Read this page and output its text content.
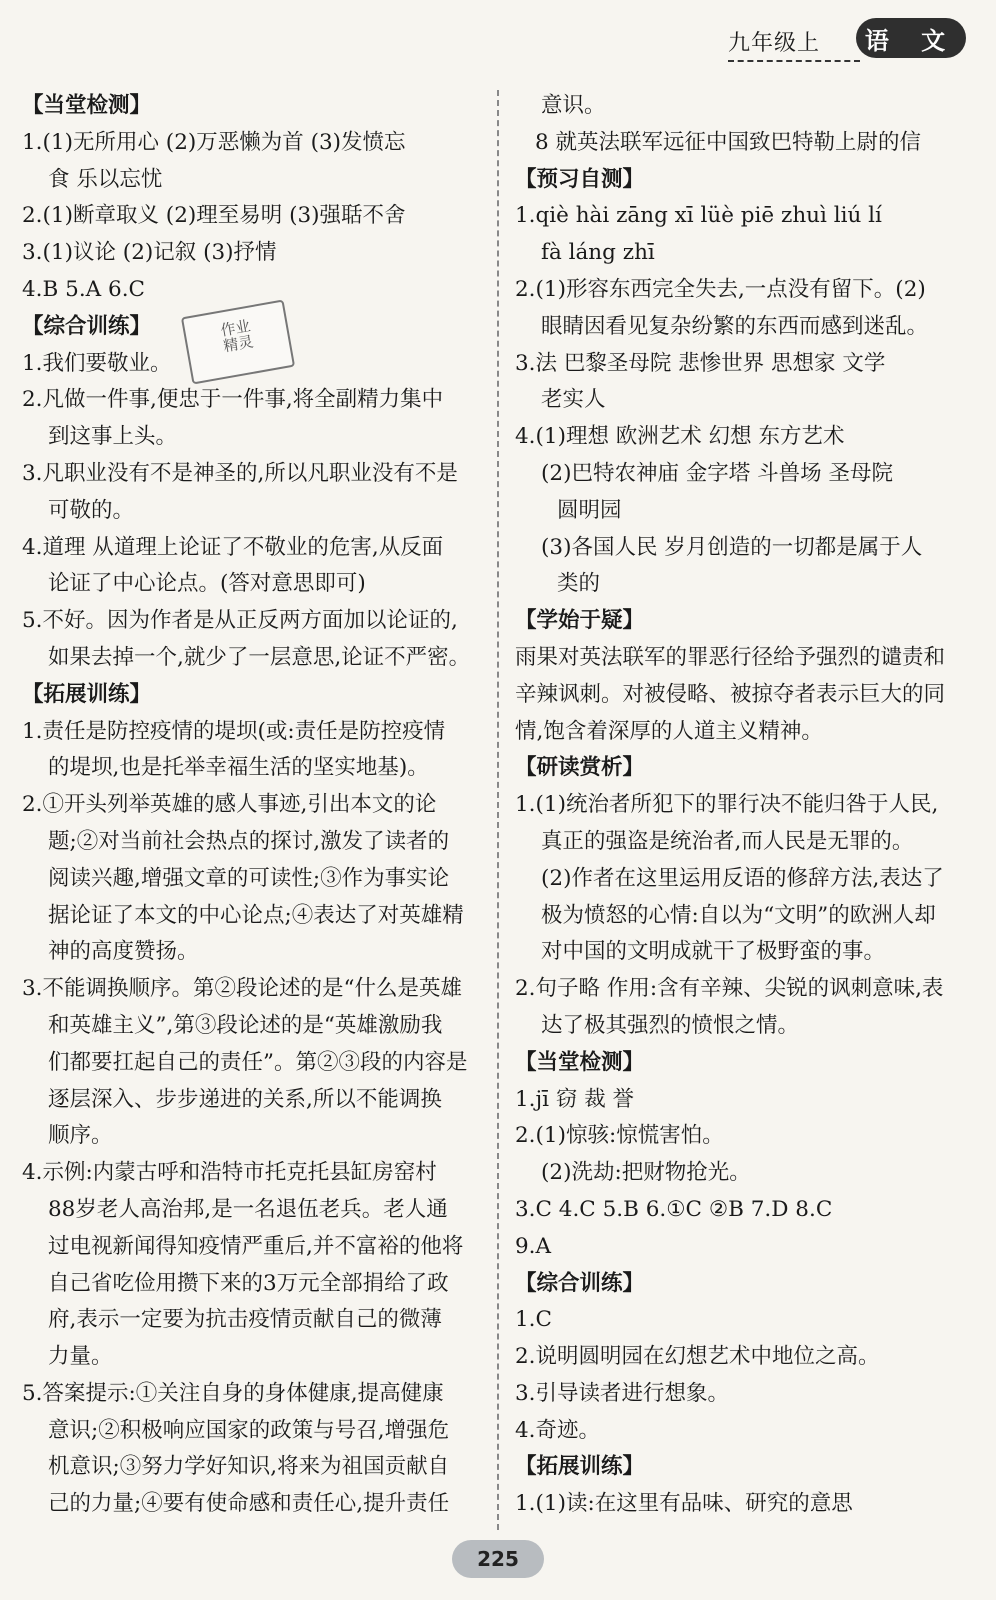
九年级上	语 文
【当堂检测】
1.(1)无所用心 (2)万恶懒为首 (3)发愤忘
食 乐以忘忧
2.(1)断章取义 (2)理至易明 (3)强聒不舍
3.(1)议论 (2)记叙 (3)抒情
4.B 5.A 6.C
【综合训练】
1.我们要敬业。
2.凡做一件事,便忠于一件事,将全副精力集中
到这事上头。
3.凡职业没有不是神圣的,所以凡职业没有不是
可敬的。
4.道理 从道理上论证了不敬业的危害,从反面
论证了中心论点。(答对意思即可)
5.不好。因为作者是从正反两方面加以论证的,
如果去掉一个,就少了一层意思,论证不严密。
【拓展训练】
1.责任是防控疫情的堤坝(或:责任是防控疫情
的堤坝,也是托举幸福生活的坚实地基)。
2.①开头列举英雄的感人事迹,引出本文的论
题;②对当前社会热点的探讨,激发了读者的
阅读兴趣,增强文章的可读性;③作为事实论
据论证了本文的中心论点;④表达了对英雄精
神的高度赞扬。
3.不能调换顺序。第②段论述的是“什么是英雄
和英雄主义”,第③段论述的是“英雄激励我
们都要扛起自己的责任”。第②③段的内容是
逐层深入、步步递进的关系,所以不能调换
顺序。
4.示例:内蒙古呼和浩特市托克托县缸房窑村
88岁老人高治邦,是一名退伍老兵。老人通
过电视新闻得知疫情严重后,并不富裕的他将
自己省吃俭用攒下来的3万元全部捐给了政
府,表示一定要为抗击疫情贡献自己的微薄
力量。
5.答案提示:①关注自身的身体健康,提高健康
意识;②积极响应国家的政策与号召,增强危
机意识;③努力学好知识,将来为祖国贡献自
己的力量;④要有使命感和责任心,提升责任
意识。
8 就英法联军远征中国致巴特勒上尉的信
【预习自测】
1.qiè hài zāng xī lüè piē zhuì liú lí
fà láng zhī
2.(1)形容东西完全失去,一点没有留下。(2)
眼睛因看见复杂纷繁的东西而感到迷乱。
3.法 巴黎圣母院 悲惨世界 思想家 文学
老实人
4.(1)理想 欧洲艺术 幻想 东方艺术
(2)巴特农神庙 金字塔 斗兽场 圣母院
圆明园
(3)各国人民 岁月创造的一切都是属于人
类的
【学始于疑】
雨果对英法联军的罪恶行径给予强烈的谴责和
辛辣讽刺。对被侵略、被掠夺者表示巨大的同
情,饱含着深厚的人道主义精神。
【研读赏析】
1.(1)统治者所犯下的罪行决不能归咎于人民,
真正的强盗是统治者,而人民是无罪的。
(2)作者在这里运用反语的修辞方法,表达了
极为愤怒的心情:自以为“文明”的欧洲人却
对中国的文明成就干了极野蛮的事。
2.句子略 作用:含有辛辣、尖锐的讽刺意味,表
达了极其强烈的愤恨之情。
【当堂检测】
1.jī 窃 裁 誉
2.(1)惊骇:惊慌害怕。
(2)洗劫:把财物抢光。
3.C 4.C 5.B 6.①C ②B 7.D 8.C
9.A
【综合训练】
1.C
2.说明圆明园在幻想艺术中地位之高。
3.引导读者进行想象。
4.奇迹。
【拓展训练】
1.(1)读:在这里有品味、研究的意思
作业
精灵
225
